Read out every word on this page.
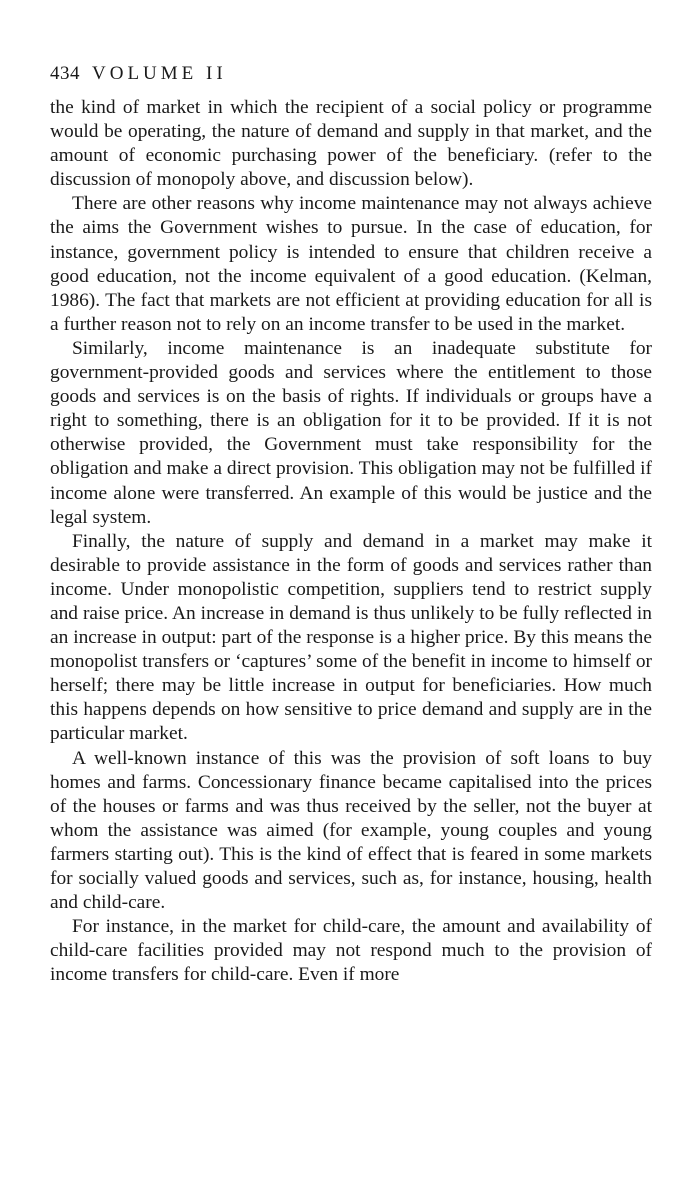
434 VOLUME II

the kind of market in which the recipient of a social policy or programme would be operating, the nature of demand and supply in that market, and the amount of economic purchasing power of the beneficiary. (refer to the discussion of monopoly above, and discussion below).

There are other reasons why income maintenance may not always achieve the aims the Government wishes to pursue. In the case of education, for instance, government policy is intended to ensure that children receive a good education, not the income equivalent of a good education. (Kelman, 1986). The fact that markets are not efficient at providing education for all is a further reason not to rely on an income transfer to be used in the market.

Similarly, income maintenance is an inadequate substitute for government-provided goods and services where the entitlement to those goods and services is on the basis of rights. If individuals or groups have a right to something, there is an obligation for it to be provided. If it is not otherwise provided, the Government must take responsibility for the obligation and make a direct provision. This obligation may not be fulfilled if income alone were transferred. An example of this would be justice and the legal system.

Finally, the nature of supply and demand in a market may make it desirable to provide assistance in the form of goods and services rather than income. Under monopolistic competition, suppliers tend to restrict supply and raise price. An increase in demand is thus unlikely to be fully reflected in an increase in output: part of the response is a higher price. By this means the monopolist transfers or ‘captures’ some of the benefit in income to himself or herself; there may be little increase in output for beneficiaries. How much this happens depends on how sensitive to price demand and supply are in the particular market.

A well-known instance of this was the provision of soft loans to buy homes and farms. Concessionary finance became capitalised into the prices of the houses or farms and was thus received by the seller, not the buyer at whom the assistance was aimed (for example, young couples and young farmers starting out). This is the kind of effect that is feared in some markets for socially valued goods and services, such as, for instance, housing, health and child-care.

For instance, in the market for child-care, the amount and availability of child-care facilities provided may not respond much to the provision of income transfers for child-care. Even if more
